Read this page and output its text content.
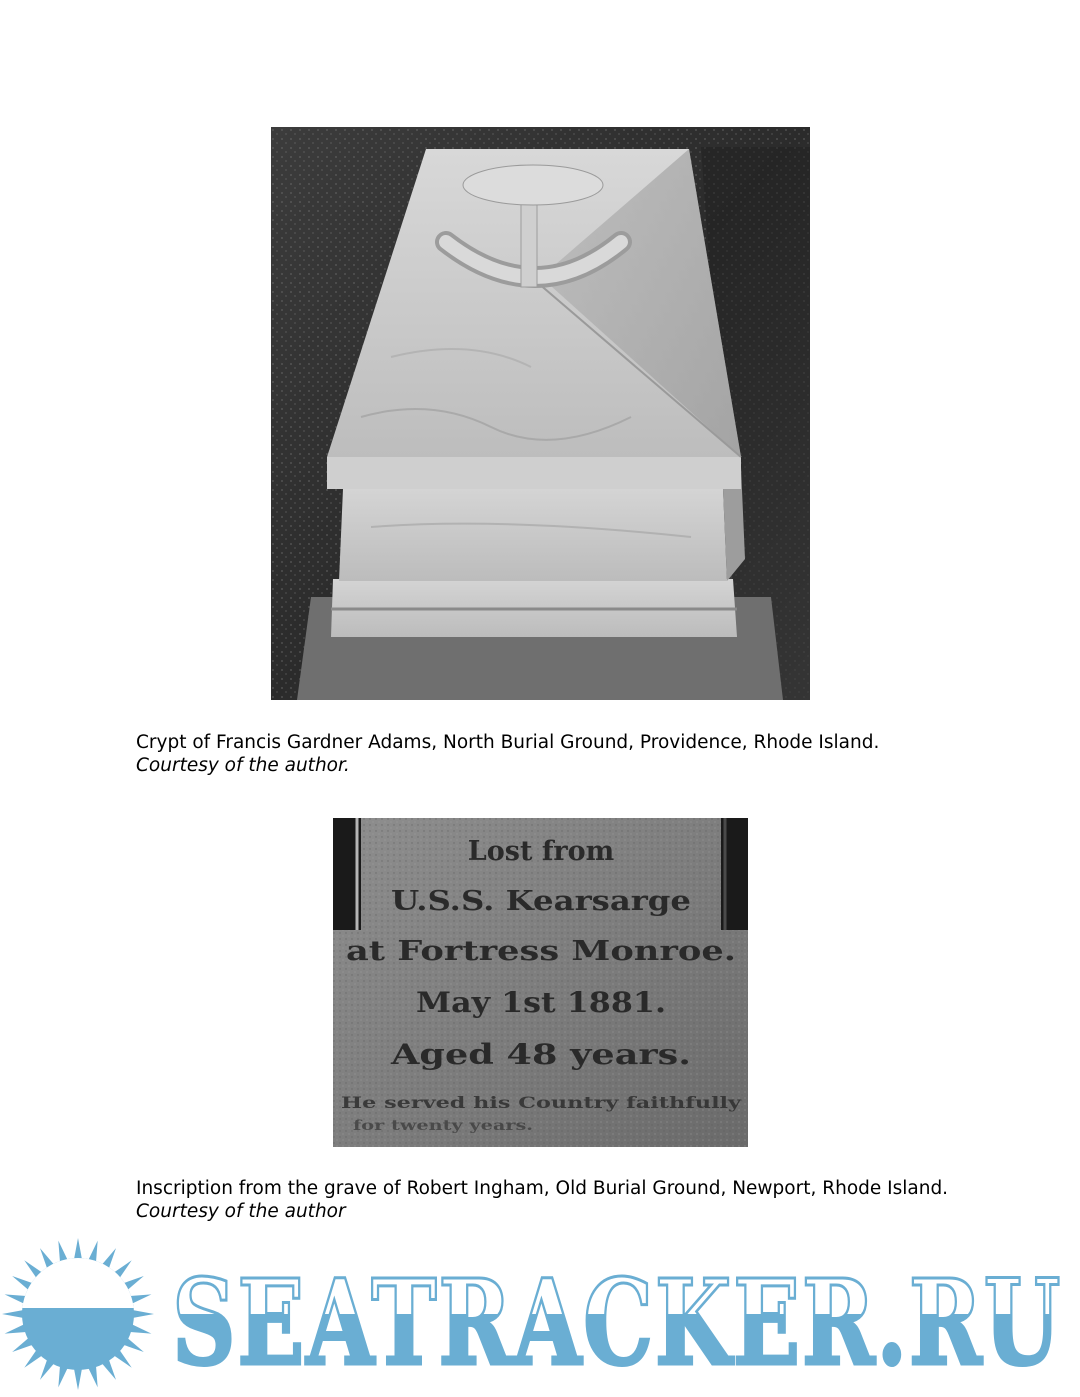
Crypt of Francis Gardner Adams, North Burial Ground, Providence, Rhode Island.
Courtesy of the author.
Lost from
U.S.S. Kearsarge
at Fortress Monroe.
May 1st 1881.
Aged 48 years.
He served his Country faithfully
for twenty years.
Inscription from the grave of Robert Ingham, Old Burial Ground, Newport, Rhode Island. Courtesy of the author
SEATRACKER.RU
